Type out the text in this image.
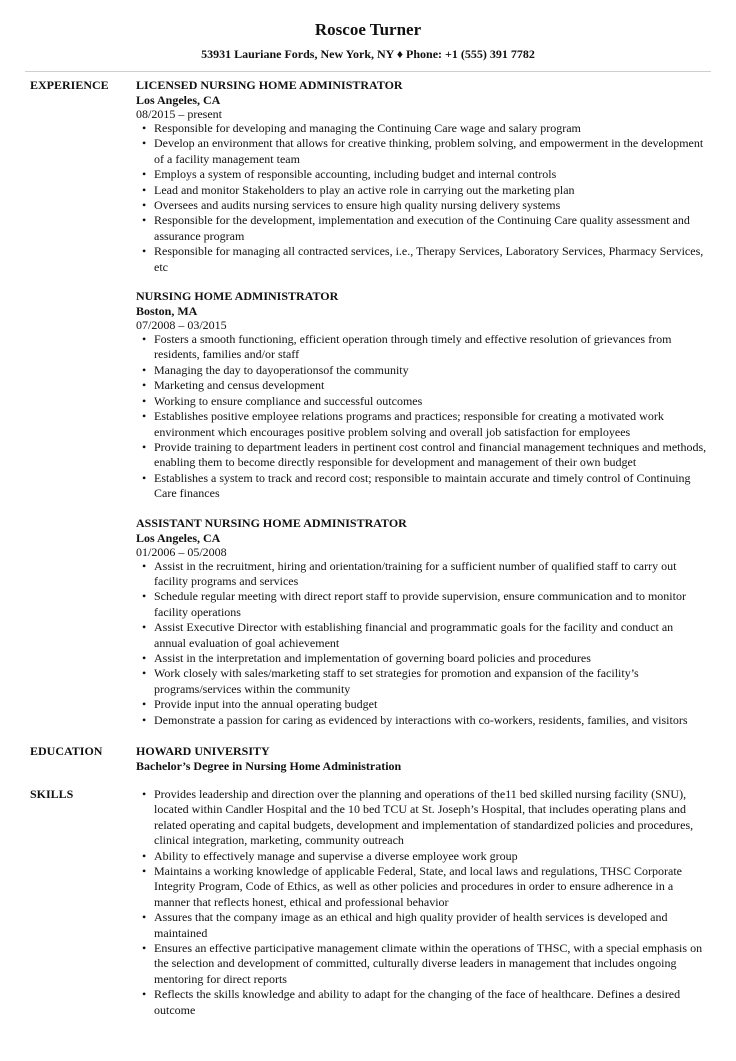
Roscoe Turner
53931 Lauriane Fords, New York, NY ♦ Phone: +1 (555) 391 7782
EXPERIENCE	LICENSED NURSING HOME ADMINISTRATOR
Los Angeles, CA
08/2015 – present
• Responsible for developing and managing the Continuing Care wage and salary program
• Develop an environment that allows for creative thinking, problem solving, and empowerment in the development of a facility management team
• Employs a system of responsible accounting, including budget and internal controls
• Lead and monitor Stakeholders to play an active role in carrying out the marketing plan
• Oversees and audits nursing services to ensure high quality nursing delivery systems
• Responsible for the development, implementation and execution of the Continuing Care quality assessment and assurance program
• Responsible for managing all contracted services, i.e., Therapy Services, Laboratory Services, Pharmacy Services, etc
NURSING HOME ADMINISTRATOR
Boston, MA
07/2008 – 03/2015
• Fosters a smooth functioning, efficient operation through timely and effective resolution of grievances from residents, families and/or staff
• Managing the day to dayoperationsof the community
• Marketing and census development
• Working to ensure compliance and successful outcomes
• Establishes positive employee relations programs and practices; responsible for creating a motivated work environment which encourages positive problem solving and overall job satisfaction for employees
• Provide training to department leaders in pertinent cost control and financial management techniques and methods, enabling them to become directly responsible for development and management of their own budget
• Establishes a system to track and record cost; responsible to maintain accurate and timely control of Continuing Care finances
ASSISTANT NURSING HOME ADMINISTRATOR
Los Angeles, CA
01/2006 – 05/2008
• Assist in the recruitment, hiring and orientation/training for a sufficient number of qualified staff to carry out facility programs and services
• Schedule regular meeting with direct report staff to provide supervision, ensure communication and to monitor facility operations
• Assist Executive Director with establishing financial and programmatic goals for the facility and conduct an annual evaluation of goal achievement
• Assist in the interpretation and implementation of governing board policies and procedures
• Work closely with sales/marketing staff to set strategies for promotion and expansion of the facility’s programs/services within the community
• Provide input into the annual operating budget
• Demonstrate a passion for caring as evidenced by interactions with co-workers, residents, families, and visitors
EDUCATION	HOWARD UNIVERSITY
Bachelor’s Degree in Nursing Home Administration
SKILLS
•	Provides leadership and direction over the planning and operations of the11 bed skilled nursing facility (SNU), located within Candler Hospital and the 10 bed TCU at St. Joseph’s Hospital, that includes operating plans and related operating and capital budgets, development and implementation of standardized policies and procedures, clinical integration, marketing, community outreach
• Ability to effectively manage and supervise a diverse employee work group
• Maintains a working knowledge of applicable Federal, State, and local laws and regulations, THSC Corporate Integrity Program, Code of Ethics, as well as other policies and procedures in order to ensure adherence in a manner that reflects honest, ethical and professional behavior
• Assures that the company image as an ethical and high quality provider of health services is developed and maintained
• Ensures an effective participative management climate within the operations of THSC, with a special emphasis on the selection and development of committed, culturally diverse leaders in management that includes ongoing mentoring for direct reports
• Reflects the skills knowledge and ability to adapt for the changing of the face of healthcare. Defines a desired outcome
